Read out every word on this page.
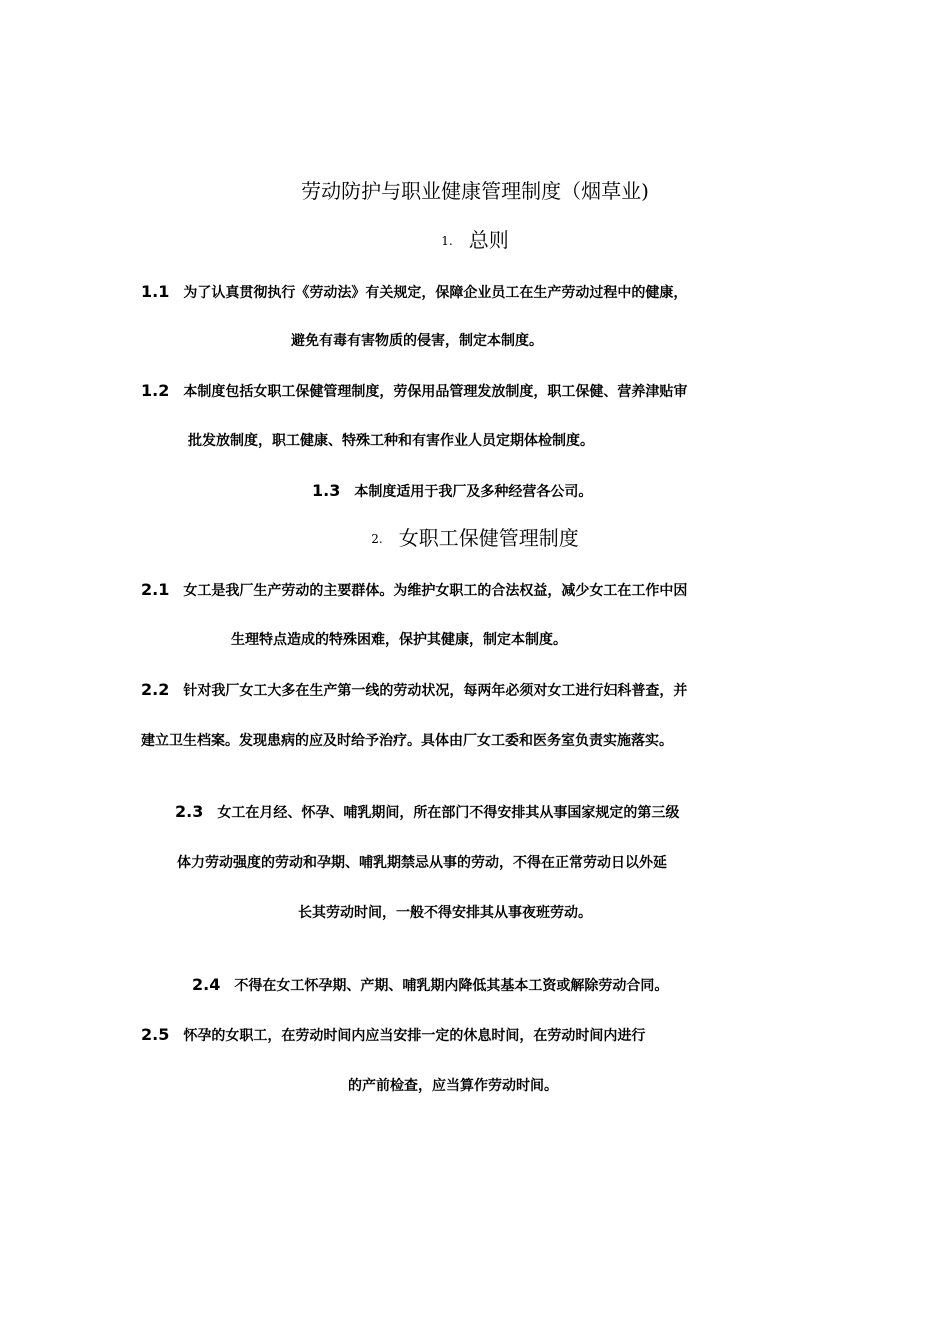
劳动防护与职业健康管理制度（烟草业)
1. 总则
1.1 为了认真贯彻执行《劳动法》有关规定，保障企业员工在生产劳动过程中的健康，
避免有毒有害物质的侵害，制定本制度。
1.2 本制度包括女职工保健管理制度，劳保用品管理发放制度，职工保健、营养津贴审
批发放制度，职工健康、特殊工种和有害作业人员定期体检制度。
1.3 本制度适用于我厂及多种经营各公司。
2. 女职工保健管理制度
2.1 女工是我厂生产劳动的主要群体。为维护女职工的合法权益，减少女工在工作中因
生理特点造成的特殊困难，保护其健康，制定本制度。
2.2 针对我厂女工大多在生产第一线的劳动状况，每两年必须对女工进行妇科普查，并
建立卫生档案。发现患病的应及时给予治疗。具体由厂女工委和医务室负责实施落实。
2.3 女工在月经、怀孕、哺乳期间，所在部门不得安排其从事国家规定的第三级
体力劳动强度的劳动和孕期、哺乳期禁忌从事的劳动，不得在正常劳动日以外延
长其劳动时间，一般不得安排其从事夜班劳动。
2.4 不得在女工怀孕期、产期、哺乳期内降低其基本工资或解除劳动合同。
2.5 怀孕的女职工，在劳动时间内应当安排一定的休息时间，在劳动时间内进行
的产前检查，应当算作劳动时间。
